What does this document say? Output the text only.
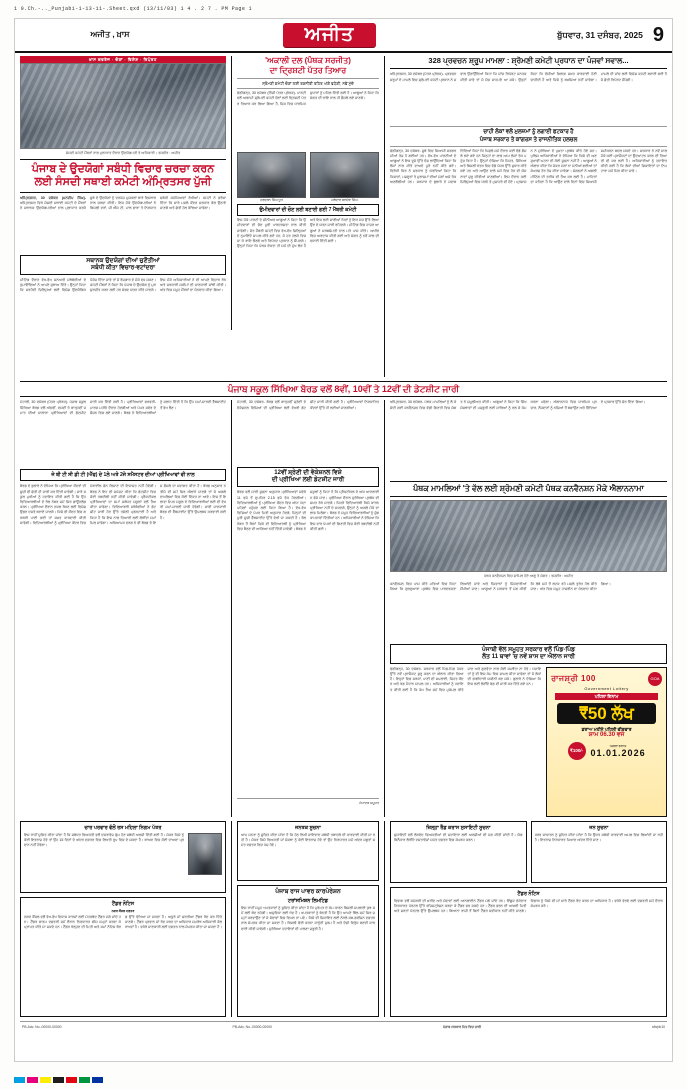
1 9.Ch.-.._Punjabi-1-13-11-.Sheet.qxd (13/11/03) 1 4 . 2 7 . PM Page 1
ਅਜੀਤ , ਖ਼ਾਸ	ਅਜੀਤ	ਬੁੱਧਵਾਰ, 31 ਦਸੰਬਰ, 2025 9
ਖ਼ਾਸ ਕਵਰੇਜ · ਚੋਣਾਂ · ਵਿਸ਼ੇਸ਼ · ਰਿਪੋਰਟ
ਸੰਸਦੀ ਕਮੇਟੀ ਮੈਂਬਰਾਂ ਨਾਲ ਮੁਲਾਕਾਤ ਦੌਰਾਨ ਉਦਯੋਗਪਤੀ ਤੇ ਅਧਿਕਾਰੀ। ਤਸਵੀਰ : ਅਜੀਤ
ਪੰਜਾਬ ਦੇ ਉਦਯੋਗਾਂ ਸਬੰਧੀ ਵਿਚਾਰ ਚਰਚਾ ਕਰਨ
ਲਈ ਸੰਸਦੀ ਸਥਾਈ ਕਮੇਟੀ ਅੰਮ੍ਰਿਤਸਰ ਪੁੱਜੀ
ਅੰਮ੍ਰਿਤਸਰ, 30 ਦਸੰਬਰ (ਮਨਦੀਪ ਸਿੰਘ)- ਅੰਮ੍ਰਿਤਸਰ ਵਿਖੇ ਸੰਸਦੀ ਸਥਾਈ ਕਮੇਟੀ ਦੇ ਮੈਂਬਰਾਂ ਨੇ ਸਥਾਨਕ ਉਦਯੋਗਪਤੀਆਂ ਨਾਲ ਮੁਲਾਕਾਤ ਕਰਕੇ ਸੂਬੇ ਦੇ ਉਦਯੋਗਾਂ ਨੂੰ ਦਰਪੇਸ਼ ਮੁਸ਼ਕਲਾਂ ਬਾਰੇ ਵਿਸਥਾਰ ਨਾਲ ਚਰਚਾ ਕੀਤੀ। ਇਸ ਮੌਕੇ ਉਦਯੋਗਪਤੀਆਂ ਨੇ ਬਿਜਲੀ ਦਰਾਂ, ਜੀ ਐੱਸ ਟੀ, ਮਾਲ ਭਾੜਾ ਤੇ ਨਿਰਯਾਤ ਸਬੰਧੀ ਸਮੱਸਿਆਵਾਂ ਰੱਖੀਆਂ। ਕਮੇਟੀ ਨੇ ਭਰੋਸਾ ਦਿੱਤਾ ਕਿ ਸਾਰੇ ਮਸਲੇ ਕੇਂਦਰ ਸਰਕਾਰ ਕੋਲ ਉਠਾਏ ਜਾਣਗੇ ਅਤੇ ਛੇਤੀ ਹੱਲ ਕੱਢਿਆ ਜਾਵੇਗਾ।
ਸਥਾਨਕ ਉਦਯੋਗਾਂ ਦੀਆਂ ਚੁਣੌਤੀਆਂ
ਸਬੰਧੀ ਕੀਤਾ ਵਿਚਾਰ-ਵਟਾਂਦਰਾ
ਮੀਟਿੰਗ ਦੌਰਾਨ ਵੱਖ-ਵੱਖ ਸਨਅਤੀ ਜਥੇਬੰਦੀਆਂ ਦੇ ਨੁਮਾਇੰਦਿਆਂ ਨੇ ਆਪਣੇ ਸੁਝਾਅ ਦਿੱਤੇ। ਉਨ੍ਹਾਂ ਕਿਹਾ ਕਿ ਸਰਹੱਦੀ ਜ਼ਿਲ੍ਹਿਆਂ ਲਈ ਵਿਸ਼ੇਸ਼ ਉਦਯੋਗਿਕ ਪੈਕੇਜ ਦਿੱਤਾ ਜਾਵੇ ਤਾਂ ਜੋ ਰੋਜ਼ਗਾਰ ਦੇ ਮੌਕੇ ਵਧ ਸਕਣ। ਕਮੇਟੀ ਮੈਂਬਰਾਂ ਨੇ ਕਿਹਾ ਕਿ ਪੰਜਾਬ ਦੇ ਉਦਯੋਗ ਨੂੰ ਮੁੜ ਸੁਰਜੀਤ ਕਰਨ ਲਈ ਹਰ ਸੰਭਵ ਯਤਨ ਕੀਤੇ ਜਾਣਗੇ। ਇਸ ਮੌਕੇ ਅਧਿਕਾਰੀਆਂ ਨੇ ਵੀ ਆਪਣੇ ਵਿਚਾਰ ਰੱਖੇ ਅਤੇ ਸਰਕਾਰੀ ਸਕੀਮਾਂ ਦੀ ਜਾਣਕਾਰੀ ਸਾਂਝੀ ਕੀਤੀ। ਅੰਤ ਵਿਚ ਸਮੂਹ ਮੈਂਬਰਾਂ ਦਾ ਧੰਨਵਾਦ ਕੀਤਾ ਗਿਆ।
'ਅਕਾਲੀ ਦਲ (ਪੰਥਕ ਸਰਜੀਤ)
ਦਾ ਦ੍ਰਿਸ਼ਟੀ ਪੱਤਰ ਤਿਆਰ
ਸ਼੍ਰੋਮਣੀ ਕਮੇਟੀ ਚੋਣਾਂ ਲਈ ਰਣਨੀਤੀ ਤਹਿਤ ਅੱਗੇ ਵਧੇਗੀ, ਨਵੇਂ ਮੁੱਦੇ
ਚੰਡੀਗੜ੍ਹ, 30 ਦਸੰਬਰ (ਨਿੱਜੀ ਪੱਤਰ ਪ੍ਰੇਰਕ)- ਪਾਰਟੀ ਵਲੋਂ ਆਗਾਮੀ ਸ਼੍ਰੋਮਣੀ ਕਮੇਟੀ ਚੋਣਾਂ ਲਈ ਦ੍ਰਿਸ਼ਟੀ ਪੱਤਰ ਤਿਆਰ ਕਰ ਲਿਆ ਗਿਆ ਹੈ, ਜਿਸ ਵਿਚ ਧਾਰਮਿਕ ਸੁਧਾਰਾਂ ਨੂੰ ਪਹਿਲ ਦਿੱਤੀ ਗਈ ਹੈ। ਆਗੂਆਂ ਨੇ ਕਿਹਾ ਕਿ ਸੰਗਤ ਦੀ ਰਾਇ ਨਾਲ ਹੀ ਫ਼ੈਸਲੇ ਲਏ ਜਾਣਗੇ।
ਹਰਚਰਨ ਸਿੰਘ ਧੂਤ	ਜਥੇਦਾਰ ਬਲਦੇਵ ਸਿੰਘ
ਉਮੀਦਵਾਰਾਂ ਦੀ ਚੋਣ ਲਈ ਬਣਾਈ ਗਈ 7 ਮੈਂਬਰੀ ਕਮੇਟੀ
ਇਸ ਮੌਕੇ ਪਾਰਟੀ ਦੇ ਸੀਨੀਅਰ ਆਗੂਆਂ ਨੇ ਕਿਹਾ ਕਿ ਉਮੀਦਵਾਰਾਂ ਦੀ ਚੋਣ ਪੂਰੀ ਪਾਰਦਰਸ਼ਤਾ ਨਾਲ ਕੀਤੀ ਜਾਵੇਗੀ। ਸੱਤ ਮੈਂਬਰੀ ਕਮੇਟੀ ਵਿਚ ਵੱਖ-ਵੱਖ ਜ਼ਿਲ੍ਹਿਆਂ ਦੇ ਨੁਮਾਇੰਦੇ ਸ਼ਾਮਲ ਕੀਤੇ ਗਏ ਹਨ, ਜੋ ਹਰ ਹਲਕੇ ਵਿਚ ਜਾ ਕੇ ਰਾਇ ਲੈਣਗੇ ਅਤੇ ਰਿਪੋਰਟ ਪ੍ਰਧਾਨ ਨੂੰ ਸੌਂਪਣਗੇ। ਉਨ੍ਹਾਂ ਕਿਹਾ ਕਿ ਪੰਥਕ ਏਕਤਾ ਹੀ ਸਮੇਂ ਦੀ ਮੁੱਖ ਲੋੜ ਹੈ ਅਤੇ ਇਸ ਲਈ ਸਾਰੀਆਂ ਧਿਰਾਂ ਨੂੰ ਇਕ ਮੰਚ ਉੱਤੇ ਲਿਆਉਣ ਦੇ ਯਤਨ ਜਾਰੀ ਰਹਿਣਗੇ। ਮੀਟਿੰਗ ਵਿਚ ਹਾਜ਼ਰ ਆਗੂਆਂ ਨੇ ਸਰਬਸੰਮਤੀ ਨਾਲ ਮਤੇ ਪਾਸ ਕੀਤੇ। ਅਖੀਰ ਵਿਚ ਅਰਦਾਸ ਕੀਤੀ ਗਈ ਅਤੇ ਸੰਗਤ ਨੂੰ ਨਵੇਂ ਸਾਲ ਦੀ ਵਧਾਈ ਦਿੱਤੀ ਗਈ।
328 ਪ੍ਰਵਚਨ ਸ਼੍ਰੂਪ ਮਾਮਲਾ : ਸ਼੍ਰੋਮਣੀ ਕਮੇਟੀ ਪ੍ਰਧਾਨ ਦਾ ਪੰਜਵਾਂ ਸਵਾਲ...
ਅੰਮ੍ਰਿਤਸਰ, 30 ਦਸੰਬਰ (ਪੱਤਰ ਪ੍ਰੇਰਕ)- ਪ੍ਰਵਚਨ ਸਰੂਪਾਂ ਦੇ ਮਾਮਲੇ ਵਿਚ ਸ਼੍ਰੋਮਣੀ ਕਮੇਟੀ ਪ੍ਰਧਾਨ ਨੇ ਸਵਾਲ ਉਠਾਉਂਦਿਆਂ ਕਿਹਾ ਕਿ ਜਾਂਚ ਰਿਪੋਰਟ ਜਨਤਕ ਕੀਤੀ ਜਾਵੇ ਤਾਂ ਜੋ ਸੱਚ ਸਾਹਮਣੇ ਆ ਸਕੇ। ਉਨ੍ਹਾਂ ਕਿਹਾ ਕਿ ਦੋਸ਼ੀਆਂ ਖ਼ਿਲਾਫ਼ ਸਖ਼ਤ ਕਾਰਵਾਈ ਹੋਣੀ ਚਾਹੀਦੀ ਹੈ ਅਤੇ ਕਿਸੇ ਨੂੰ ਬਖ਼ਸ਼ਿਆ ਨਹੀਂ ਜਾਵੇਗਾ। ਮਾਮਲੇ ਦੀ ਜਾਂਚ ਲਈ ਵਿਸ਼ੇਸ਼ ਕਮੇਟੀ ਬਣਾਈ ਗਈ ਹੈ ਜੋ ਛੇਤੀ ਰਿਪੋਰਟ ਸੌਂਪੇਗੀ।
ਚਾਹੀ ਲੋਕਾਂ ਵਲੋਂ ਮੁਲਜ਼ਮਾਂ ਨੂੰ ਲਗਾਈ ਫਟਕਾਰ ਹੈ
ਪੰਜਾਬ ਸਰਕਾਰ ਤੇ ਕਾਂਗਰਸ ਤੇ ਰਾਜਨੀਤਿਕ ਹਲਚਲ
ਚੰਡੀਗੜ੍ਹ, 30 ਦਸੰਬਰ- ਸੂਬੇ ਵਿਚ ਸਿਆਸੀ ਸਰਗਰਮੀਆਂ ਤੇਜ਼ ਹੋ ਗਈਆਂ ਹਨ। ਵੱਖ-ਵੱਖ ਪਾਰਟੀਆਂ ਦੇ ਆਗੂਆਂ ਨੇ ਇਕ ਦੂਜੇ ਉੱਤੇ ਦੋਸ਼ ਲਾਉਂਦਿਆਂ ਕਿਹਾ ਕਿ ਲੋਕਾਂ ਨਾਲ ਕੀਤੇ ਵਾਅਦੇ ਪੂਰੇ ਨਹੀਂ ਕੀਤੇ ਗਏ। ਵਿਰੋਧੀ ਧਿਰ ਨੇ ਸਰਕਾਰ ਨੂੰ ਘੇਰਦਿਆਂ ਕਿਹਾ ਕਿ ਕਿਸਾਨਾਂ, ਮਜ਼ਦੂਰਾਂ ਤੇ ਮੁਲਾਜ਼ਮਾਂ ਦੀਆਂ ਮੰਗਾਂ ਅਜੇ ਤੱਕ ਅਣਗੌਲੀਆਂ ਹਨ। ਸਰਕਾਰ ਦੇ ਬੁਲਾਰੇ ਨੇ ਜਵਾਬ ਦਿੰਦਿਆਂ ਕਿਹਾ ਕਿ ਪਿਛਲੇ ਸਮੇਂ ਦੌਰਾਨ ਕਈ ਵੱਡੇ ਫ਼ੈਸਲੇ ਲਏ ਗਏ ਹਨ ਜਿਨ੍ਹਾਂ ਦਾ ਲਾਭ ਆਮ ਲੋਕਾਂ ਤੱਕ ਪਹੁੰਚ ਰਿਹਾ ਹੈ। ਉਨ੍ਹਾਂ ਦੱਸਿਆ ਕਿ ਸਿਹਤ, ਸਿੱਖਿਆ ਅਤੇ ਬਿਜਲੀ ਖੇਤਰ ਵਿਚ ਵੱਡੇ ਪੱਧਰ ਉੱਤੇ ਸੁਧਾਰ ਕੀਤੇ ਗਏ ਹਨ ਅਤੇ ਆਉਣ ਵਾਲੇ ਸਮੇਂ ਵਿਚ ਹੋਰ ਵੀ ਯੋਜਨਾਵਾਂ ਸ਼ੁਰੂ ਕੀਤੀਆਂ ਜਾਣਗੀਆਂ। ਇਸ ਦੌਰਾਨ ਕਈ ਜ਼ਿਲ੍ਹਿਆਂ ਵਿਚ ਧਰਨੇ ਤੇ ਮੁਜ਼ਾਹਰੇ ਵੀ ਹੋਏ। ਪ੍ਰਸ਼ਾਸਨ ਨੇ ਸੁਰੱਖਿਆ ਦੇ ਪੁਖ਼ਤਾ ਪ੍ਰਬੰਧ ਕੀਤੇ ਹੋਏ ਸਨ। ਪੁਲਿਸ ਅਧਿਕਾਰੀਆਂ ਨੇ ਦੱਸਿਆ ਕਿ ਕਿਸੇ ਵੀ ਅਣਸੁਖਾਵੀਂ ਘਟਨਾ ਦੀ ਕੋਈ ਸੂਚਨਾ ਨਹੀਂ ਹੈ। ਆਗੂਆਂ ਨੇ ਐਲਾਨ ਕੀਤਾ ਕਿ ਜੇਕਰ ਮੰਗਾਂ ਨਾ ਮੰਨੀਆਂ ਗਈਆਂ ਤਾਂ ਸੰਘਰਸ਼ ਹੋਰ ਤੇਜ਼ ਕੀਤਾ ਜਾਵੇਗਾ। ਸੰਗਠਨਾਂ ਨੇ ਅਗਲੀ ਮੀਟਿੰਗ ਦੀ ਤਰੀਕ ਵੀ ਤੈਅ ਕਰ ਲਈ ਹੈ। ਮਾਹਿਰਾਂ ਦਾ ਕਹਿਣਾ ਹੈ ਕਿ ਆਉਣ ਵਾਲੇ ਦਿਨਾਂ ਵਿਚ ਸਿਆਸੀ ਸਮੀਕਰਨ ਬਦਲ ਸਕਦੇ ਹਨ। ਸਰਕਾਰ ਨੇ ਨਵੇਂ ਸਾਲ ਮੌਕੇ ਕਈ ਪ੍ਰਾਜੈਕਟਾਂ ਦਾ ਉਦਘਾਟਨ ਕਰਨ ਦੀ ਤਿਆਰੀ ਵੀ ਕਰ ਲਈ ਹੈ। ਅਧਿਕਾਰੀਆਂ ਨੂੰ ਹਦਾਇਤ ਕੀਤੀ ਗਈ ਹੈ ਕਿ ਲੋਕਾਂ ਦੀਆਂ ਸ਼ਿਕਾਇਤਾਂ ਦਾ ਨਿਪਟਾਰਾ ਸਮੇਂ ਸਿਰ ਕੀਤਾ ਜਾਵੇ।
ਪੰਜਾਬ ਸਕੂਲ ਸਿੱਖਿਆ ਬੋਰਡ ਵਲੋਂ 8ਵੀਂ, 10ਵੀਂ ਤੇ 12ਵੀਂ ਦੀ ਡੇਟਸ਼ੀਟ ਜਾਰੀ
ਮੋਹਾਲੀ, 30 ਦਸੰਬਰ (ਪੱਤਰ ਪ੍ਰੇਰਕ)- ਪੰਜਾਬ ਸਕੂਲ ਸਿੱਖਿਆ ਬੋਰਡ ਵਲੋਂ ਅੱਠਵੀਂ, ਦਸਵੀਂ ਤੇ ਬਾਰ੍ਹਵੀਂ ਜਮਾਤ ਦੀਆਂ ਸਾਲਾਨਾ ਪ੍ਰੀਖਿਆਵਾਂ ਦੀ ਡੇਟਸ਼ੀਟ ਜਾਰੀ ਕਰ ਦਿੱਤੀ ਗਈ ਹੈ। ਪ੍ਰੀਖਿਆਵਾਂ ਫਰਵਰੀ-ਮਾਰਚ ਮਹੀਨੇ ਦੌਰਾਨ ਹੋਣਗੀਆਂ ਅਤੇ ਪੇਪਰ ਸਵੇਰ ਦੇ ਸੈਸ਼ਨ ਵਿਚ ਲਏ ਜਾਣਗੇ। ਬੋਰਡ ਨੇ ਵਿਦਿਆਰਥੀਆਂ ਨੂੰ ਸਲਾਹ ਦਿੱਤੀ ਹੈ ਕਿ ਉਹ ਸਮਾਂ-ਸਾਰਣੀ ਵੈੱਬਸਾਈਟ ਤੋਂ ਵੇਖ ਲੈਣ।
ਜੇ ਬੀ ਟੀ ਸੀ ਡੀ ਟੀ (ਐੱਫ) ਦੇ 1ਲੇ ਅਤੇ 2ਜੇ ਸਮੈਸਟਰ ਦੀਆਂ ਪ੍ਰੀਖਿਆਵਾਂ ਵੀ ਨਾਲ
ਬੋਰਡ ਦੇ ਬੁਲਾਰੇ ਨੇ ਦੱਸਿਆ ਕਿ ਪ੍ਰੀਖਿਆ ਕੇਂਦਰਾਂ ਦੀ ਸੂਚੀ ਵੀ ਛੇਤੀ ਹੀ ਜਾਰੀ ਕਰ ਦਿੱਤੀ ਜਾਵੇਗੀ। ਸਾਰੇ ਸਕੂਲ ਮੁਖੀਆਂ ਨੂੰ ਹਦਾਇਤ ਕੀਤੀ ਗਈ ਹੈ ਕਿ ਉਹ ਵਿਦਿਆਰਥੀਆਂ ਦੇ ਰੋਲ ਨੰਬਰ ਸਮੇਂ ਸਿਰ ਡਾਊਨਲੋਡ ਕਰਨ। ਪ੍ਰੀਖਿਆ ਦੌਰਾਨ ਨਕਲ ਰੋਕਣ ਲਈ ਵਿਸ਼ੇਸ਼ ਉਡਣ ਦਸਤੇ ਬਣਾਏ ਜਾਣਗੇ। ਕਿਸੇ ਵੀ ਕੇਂਦਰ ਵਿਚ ਗੜਬੜੀ ਪਾਈ ਗਈ ਤਾਂ ਸਖ਼ਤ ਕਾਰਵਾਈ ਕੀਤੀ ਜਾਵੇਗੀ। ਵਿਦਿਆਰਥੀਆਂ ਨੂੰ ਪ੍ਰੀਖਿਆ ਕੇਂਦਰ ਵਿਚ ਮੋਬਾਈਲ ਫ਼ੋਨ ਲਿਜਾਣ ਦੀ ਇਜਾਜ਼ਤ ਨਹੀਂ ਹੋਵੇਗੀ। ਬੋਰਡ ਨੇ ਇਹ ਵੀ ਸਪੱਸ਼ਟ ਕੀਤਾ ਕਿ ਡੇਟਸ਼ੀਟ ਵਿਚ ਕੋਈ ਤਬਦੀਲੀ ਨਹੀਂ ਕੀਤੀ ਜਾਵੇਗੀ। ਪ੍ਰੈਕਟੀਕਲ ਪ੍ਰੀਖਿਆਵਾਂ ਦਾ ਸਮਾਂ ਸਬੰਧਤ ਸਕੂਲਾਂ ਵਲੋਂ ਤੈਅ ਕੀਤਾ ਜਾਵੇਗਾ। ਵਿਦਿਆਰਥੀ ਜਥੇਬੰਦੀਆਂ ਨੇ ਡੇਟਸ਼ੀਟ ਜਾਰੀ ਹੋਣ ਉੱਤੇ ਤਸੱਲੀ ਪ੍ਰਗਟਾਈ ਹੈ ਅਤੇ ਕਿਹਾ ਹੈ ਕਿ ਇਸ ਨਾਲ ਤਿਆਰੀ ਲਈ ਲੋੜੀਂਦਾ ਸਮਾਂ ਮਿਲ ਜਾਵੇਗਾ। ਅਧਿਆਪਕ ਵਰਗ ਨੇ ਵੀ ਬੋਰਡ ਦੇ ਇਸ ਫ਼ੈਸਲੇ ਦਾ ਸਵਾਗਤ ਕੀਤਾ ਹੈ। ਬੋਰਡ ਅਨੁਸਾਰ ਨਤੀਜੇ ਵੀ ਸਮੇਂ ਸਿਰ ਐਲਾਨੇ ਜਾਣਗੇ ਤਾਂ ਜੋ ਅਗਲੇ ਦਾਖ਼ਲਿਆਂ ਵਿਚ ਕੋਈ ਦਿੱਕਤ ਨਾ ਆਵੇ। ਇਸ ਤੋਂ ਇਲਾਵਾ ਓਪਨ ਸਕੂਲ ਦੇ ਵਿਦਿਆਰਥੀਆਂ ਲਈ ਵੀ ਵੱਖਰੀ ਸਮਾਂ-ਸਾਰਣੀ ਜਾਰੀ ਹੋਵੇਗੀ। ਸਾਰੀ ਜਾਣਕਾਰੀ ਬੋਰਡ ਦੀ ਵੈੱਬਸਾਈਟ ਉੱਤੇ ਉਪਲਬਧ ਕਰਵਾਈ ਗਈ ਹੈ।
ਮੋਹਾਲੀ, 30 ਦਸੰਬਰ- ਬੋਰਡ ਵਲੋਂ ਬਾਰ੍ਹਵੀਂ ਸ਼੍ਰੇਣੀ ਦੇ ਵੋਕੇਸ਼ਨਲ ਵਿਸ਼ਿਆਂ ਦੀ ਪ੍ਰੀਖਿਆ ਲਈ ਵੱਖਰੀ ਡੇਟਸ਼ੀਟ ਜਾਰੀ ਕੀਤੀ ਗਈ ਹੈ। ਪ੍ਰੀਖਿਆਵਾਂ ਨਿਰਧਾਰਿਤ ਕੇਂਦਰਾਂ ਉੱਤੇ ਹੀ ਲਈਆਂ ਜਾਣਗੀਆਂ।
12ਵੀਂ ਸ਼੍ਰੇਣੀ ਦੀ ਵੋਕੇਸ਼ਨਲ ਵਿਸ਼ੇ
ਦੀ ਪ੍ਰੀਖਿਆ ਲਈ ਡੇਟਸ਼ੀਟ ਜਾਰੀ
ਬੋਰਡ ਵਲੋਂ ਜਾਰੀ ਸੂਚਨਾ ਅਨੁਸਾਰ ਪ੍ਰੀਖਿਆਵਾਂ ਸਵੇਰੇ 11 ਵਜੇ ਤੋਂ ਦੁਪਹਿਰ 2.15 ਵਜੇ ਤੱਕ ਹੋਣਗੀਆਂ। ਵਿਦਿਆਰਥੀਆਂ ਨੂੰ ਪ੍ਰੀਖਿਆ ਕੇਂਦਰ ਵਿਚ ਅੱਧਾ ਘੰਟਾ ਪਹਿਲਾਂ ਪਹੁੰਚਣ ਲਈ ਕਿਹਾ ਗਿਆ ਹੈ। ਵੱਖ-ਵੱਖ ਵਿਸ਼ਿਆਂ ਦੇ ਪੇਪਰ ਮਿਤੀ ਅਨੁਸਾਰ ਹੋਣਗੇ, ਜਿਨ੍ਹਾਂ ਦੀ ਪੂਰੀ ਸੂਚੀ ਵੈੱਬਸਾਈਟ ਉੱਤੇ ਵੇਖੀ ਜਾ ਸਕਦੀ ਹੈ। ਰੋਲ ਨੰਬਰ ਤੋਂ ਬਿਨਾਂ ਕਿਸੇ ਵੀ ਵਿਦਿਆਰਥੀ ਨੂੰ ਪ੍ਰੀਖਿਆ ਵਿਚ ਬੈਠਣ ਦੀ ਆਗਿਆ ਨਹੀਂ ਦਿੱਤੀ ਜਾਵੇਗੀ। ਬੋਰਡ ਨੇ ਸਕੂਲਾਂ ਨੂੰ ਕਿਹਾ ਹੈ ਕਿ ਪ੍ਰੈਕਟੀਕਲ ਦੇ ਅੰਕ ਆਨਲਾਈਨ ਭੇਜੇ ਜਾਣ। ਪ੍ਰੀਖਿਆ ਦੌਰਾਨ ਸੁਰੱਖਿਆ ਪ੍ਰਬੰਧ ਵੀ ਸਖ਼ਤ ਰੱਖੇ ਜਾਣਗੇ। ਜਿਹੜੇ ਵਿਦਿਆਰਥੀ ਕਿਸੇ ਕਾਰਨ ਪ੍ਰੀਖਿਆ ਨਹੀਂ ਦੇ ਸਕਣਗੇ, ਉਨ੍ਹਾਂ ਨੂੰ ਅਗਲੇ ਮੌਕੇ ਦਾ ਲਾਭ ਮਿਲੇਗਾ। ਬੋਰਡ ਨੇ ਸਮੂਹ ਵਿਦਿਆਰਥੀਆਂ ਨੂੰ ਸ਼ੁੱਭ ਕਾਮਨਾਵਾਂ ਦਿੱਤੀਆਂ ਹਨ। ਅਧਿਕਾਰੀਆਂ ਨੇ ਦੱਸਿਆ ਕਿ ਇਸ ਵਾਰ ਪੇਪਰਾਂ ਦੀ ਗਿਣਤੀ ਵਿਚ ਕੋਈ ਤਬਦੀਲੀ ਨਹੀਂ ਕੀਤੀ ਗਈ।
ਸੰਪਾਦਕ ਸ਼ਮੂਹਤ
ਅੰਮ੍ਰਿਤਸਰ, 30 ਦਸੰਬਰ- ਪੰਥਕ ਮਾਮਲਿਆਂ ਨੂੰ ਲੈ ਕੇ ਸੱਦੀ ਗਈ ਕਨਵੈਨਸ਼ਨ ਵਿਚ ਵੱਡੀ ਗਿਣਤੀ ਵਿਚ ਸੰਗਤ ਨੇ ਸ਼ਮੂਲੀਅਤ ਕੀਤੀ। ਆਗੂਆਂ ਨੇ ਕਿਹਾ ਕਿ ਸਿੱਖ ਸੰਸਥਾਵਾਂ ਦੀ ਮਜ਼ਬੂਤੀ ਲਈ ਸਾਰਿਆਂ ਨੂੰ ਰਲ ਕੇ ਕੰਮ ਕਰਨਾ ਪਵੇਗਾ। ਐਲਾਨਨਾਮੇ ਵਿਚ ਧਾਰਮਿਕ ਪ੍ਰਚਾਰ, ਨੌਜਵਾਨਾਂ ਨੂੰ ਨਸ਼ਿਆਂ ਤੋਂ ਬਚਾਉਣ ਅਤੇ ਵਿੱਦਿਆ ਦੇ ਪ੍ਰਸਾਰ ਉੱਤੇ ਜ਼ੋਰ ਦਿੱਤਾ ਗਿਆ।
ਪੰਥਕ ਮਾਮਲਿਆਂ 'ਤੇ ਵੱਲ ਲਈ ਸ਼੍ਰੋਮਣੀ ਕਮੇਟੀ ਪੰਥਕ ਕਨਵੈਨਸ਼ਨ ਮੌਕੇ ਐਲਾਨਨਾਮਾ
ਪੰਥਕ ਕਨਵੈਨਸ਼ਨ ਵਿਚ ਸ਼ਾਮਿਲ ਹੋਏ ਆਗੂ ਤੇ ਸੰਗਤ। ਤਸਵੀਰ : ਅਜੀਤ
ਕਨਵੈਨਸ਼ਨ ਵਿਚ ਪਾਸ ਕੀਤੇ ਮਤਿਆਂ ਵਿਚ ਕਿਹਾ ਗਿਆ ਕਿ ਗੁਰਦੁਆਰਾ ਪ੍ਰਬੰਧ ਵਿਚ ਪਾਰਦਰਸ਼ਤਾ ਲਿਆਂਦੀ ਜਾਵੇ ਅਤੇ ਨੌਜਵਾਨਾਂ ਨੂੰ ਜ਼ਿੰਮੇਵਾਰੀਆਂ ਸੌਂਪੀਆਂ ਜਾਣ। ਆਗੂਆਂ ਨੇ ਸਰਕਾਰ ਤੋਂ ਮੰਗ ਕੀਤੀ ਕਿ ਲੰਬੇ ਸਮੇਂ ਤੋਂ ਲਟਕ ਰਹੇ ਮਸਲੇ ਤੁਰੰਤ ਹੱਲ ਕੀਤੇ ਜਾਣ। ਅੰਤ ਵਿਚ ਸਮੂਹ ਹਾਜ਼ਰੀਨ ਦਾ ਧੰਨਵਾਦ ਕੀਤਾ ਗਿਆ।
ਪੰਜਾਬੀ ਵੱਲ ਸਮੂਹਤ ਸਰਕਾਰ ਵਲੋਂ ਪਿੰਡ-ਪਿੰਡ
ਲੋਤ 11 ਥਾਵਾਂ 'ਚ ਨਵੇਂ ਸ਼ਾਸ ਦਾ ਐਲਾਨ ਜਾਰੀ
ਚੰਡੀਗੜ੍ਹ, 30 ਦਸੰਬਰ- ਸਰਕਾਰ ਵਲੋਂ ਪਿੰਡ-ਪਿੰਡ ਪੱਧਰ ਉੱਤੇ ਨਵੇਂ ਪ੍ਰਾਜੈਕਟ ਸ਼ੁਰੂ ਕਰਨ ਦਾ ਐਲਾਨ ਕੀਤਾ ਗਿਆ ਹੈ। ਇਨ੍ਹਾਂ ਵਿਚ ਸੜਕਾਂ, ਪਾਣੀ ਦੀ ਸਪਲਾਈ, ਸਿਹਤ ਕੇਂਦਰ ਅਤੇ ਖੇਡ ਮੈਦਾਨ ਸ਼ਾਮਲ ਹਨ। ਅਧਿਕਾਰੀਆਂ ਨੂੰ ਹਦਾਇਤ ਕੀਤੀ ਗਈ ਹੈ ਕਿ ਕੰਮ ਤੈਅ ਸਮੇਂ ਵਿਚ ਮੁਕੰਮਲ ਕੀਤੇ ਜਾਣ ਅਤੇ ਗੁਣਵੱਤਾ ਨਾਲ ਕੋਈ ਸਮਝੌਤਾ ਨਾ ਹੋਵੇ। ਪੰਚਾਇਤਾਂ ਨੂੰ ਵੀ ਇਸ ਕੰਮ ਵਿਚ ਸ਼ਾਮਲ ਕੀਤਾ ਜਾਵੇਗਾ ਤਾਂ ਜੋ ਲੋਕਾਂ ਦੀ ਭਾਗੀਦਾਰੀ ਯਕੀਨੀ ਬਣ ਸਕੇ। ਬੁਲਾਰੇ ਨੇ ਦੱਸਿਆ ਕਿ ਇਸ ਲਈ ਲੋੜੀਂਦੇ ਫੰਡ ਵੀ ਜਾਰੀ ਕਰ ਦਿੱਤੇ ਗਏ ਹਨ।
ਰਾਜਸ਼੍ਰੀ 100	GOA
Government Lottery
ਪਹਿਲਾ ਇਨਾਮ
₹50 ਲੱਖ
ਡਰਾਅ ਮਹੀਨੇ ਪਹਿਲੀ ਵੀਰਵਾਰ
ਸ਼ਾਮ 06.30 ਵਜੇ
₹100/-
ਅਗਲਾ ਡਰਾਅ
01.01.2026
ਚਾਰ ਪਰਵਾਰ ਵੱਲੋਂ ਰਸ ਮਹਿਲਾ ਨਿਗਮ ਪੱਤਰ
ਇਸ ਰਾਹੀਂ ਸੂਚਿਤ ਕੀਤਾ ਜਾਂਦਾ ਹੈ ਕਿ ਸਬੰਧਤ ਵਿਅਕਤੀ ਵਲੋਂ ਦਸਤਾਵੇਜ਼ ਗੁੰਮ ਹੋਣ ਸਬੰਧੀ ਅਰਜ਼ੀ ਦਿੱਤੀ ਗਈ ਹੈ। ਜੇਕਰ ਕਿਸੇ ਨੂੰ ਕੋਈ ਇਤਰਾਜ਼ ਹੋਵੇ ਤਾਂ ਉਹ 15 ਦਿਨਾਂ ਦੇ ਅੰਦਰ ਦਫ਼ਤਰ ਵਿਚ ਲਿਖਤੀ ਰੂਪ ਵਿਚ ਦੇ ਸਕਦਾ ਹੈ। ਬਾਅਦ ਵਿਚ ਕੋਈ ਦਾਅਵਾ ਪ੍ਰਵਾਨ ਨਹੀਂ ਹੋਵੇਗਾ।
ਟੈਂਡਰ ਨੋਟਿਸ
ਨਗਰ ਕੌਂਸਲ ਦਫ਼ਤਰ
ਨਗਰ ਕੌਂਸਲ ਵਲੋਂ ਵੱਖ-ਵੱਖ ਵਿਕਾਸ ਕਾਰਜਾਂ ਲਈ ਮੋਹਰਬੰਦ ਟੈਂਡਰ ਮੰਗੇ ਜਾਂਦੇ ਹਨ। ਟੈਂਡਰ ਫਾਰਮ ਦਫ਼ਤਰੀ ਸਮੇਂ ਦੌਰਾਨ ਨਿਰਧਾਰਤ ਫੀਸ ਜਮ੍ਹਾਂ ਕਰਵਾ ਕੇ ਪ੍ਰਾਪਤ ਕੀਤੇ ਜਾ ਸਕਦੇ ਹਨ। ਟੈਂਡਰ ਖੋਲ੍ਹਣ ਦੀ ਮਿਤੀ ਅਤੇ ਸਮਾਂ ਨੋਟਿਸ ਬੋਰਡ ਉੱਤੇ ਵੇਖਿਆ ਜਾ ਸਕਦਾ ਹੈ। ਅਧੂਰੇ ਜਾਂ ਸ਼ਰਤੀਆ ਟੈਂਡਰ ਰੱਦ ਕਰ ਦਿੱਤੇ ਜਾਣਗੇ। ਟੈਂਡਰ ਪ੍ਰਵਾਨ ਜਾਂ ਰੱਦ ਕਰਨ ਦਾ ਅਧਿਕਾਰ ਸਮਰੱਥ ਅਧਿਕਾਰੀ ਕੋਲ ਰਾਖਵਾਂ ਹੈ। ਵਧੇਰੇ ਜਾਣਕਾਰੀ ਲਈ ਦਫ਼ਤਰ ਨਾਲ ਸੰਪਰਕ ਕੀਤਾ ਜਾ ਸਕਦਾ ਹੈ।
ਜਨਤਕ ਸੂਚਨਾ
ਆਮ ਜਨਤਾ ਨੂੰ ਸੂਚਿਤ ਕੀਤਾ ਜਾਂਦਾ ਹੈ ਕਿ ਹੇਠ ਲਿਖੀ ਜਾਇਦਾਦ ਸਬੰਧੀ ਤਬਾਦਲੇ ਦੀ ਕਾਰਵਾਈ ਕੀਤੀ ਜਾ ਰਹੀ ਹੈ। ਜੇਕਰ ਕਿਸੇ ਵਿਅਕਤੀ ਜਾਂ ਸੰਸਥਾ ਨੂੰ ਕੋਈ ਇਤਰਾਜ਼ ਹੋਵੇ ਤਾਂ ਉਹ ਨਿਰਧਾਰਤ ਸਮੇਂ ਅੰਦਰ ਸਬੂਤਾਂ ਸਮੇਤ ਦਫ਼ਤਰ ਵਿਚ ਪੇਸ਼ ਹੋਵੇ।
ਪੰਜਾਬ ਰਾਜ ਪਾਵਰ ਕਾਰਪੋਰੇਸ਼ਨ
ਟਰਾਂਸਮਿਸ਼ਨ ਲਿਮਟਿਡ
ਇਸ ਰਾਹੀਂ ਸਮੂਹ ਖਪਤਕਾਰਾਂ ਨੂੰ ਸੂਚਿਤ ਕੀਤਾ ਜਾਂਦਾ ਹੈ ਕਿ ਮੁਰੰਮਤ ਦੇ ਕੰਮ ਕਾਰਨ ਬਿਜਲੀ ਸਪਲਾਈ ਕੁਝ ਸਮੇਂ ਲਈ ਬੰਦ ਰਹੇਗੀ। ਅਸੁਵਿਧਾ ਲਈ ਖੇਦ ਹੈ। ਖਪਤਕਾਰਾਂ ਨੂੰ ਬੇਨਤੀ ਹੈ ਕਿ ਉਹ ਆਪਣੇ ਬਿੱਲ ਸਮੇਂ ਸਿਰ ਜਮ੍ਹਾਂ ਕਰਵਾਉਣ ਤਾਂ ਜੋ ਸੇਵਾਵਾਂ ਵਿਚ ਵਿਘਨ ਨਾ ਪਵੇ। ਕਿਸੇ ਵੀ ਸ਼ਿਕਾਇਤ ਲਈ ਨੇੜਲੇ ਸਬ-ਡਵੀਜ਼ਨ ਦਫ਼ਤਰ ਨਾਲ ਸੰਪਰਕ ਕੀਤਾ ਜਾ ਸਕਦਾ ਹੈ। ਬਿਜਲੀ ਚੋਰੀ ਕਰਨਾ ਕਾਨੂੰਨੀ ਜੁਰਮ ਹੈ ਅਤੇ ਦੋਸ਼ੀ ਵਿਰੁੱਧ ਬਣਦੀ ਕਾਰਵਾਈ ਕੀਤੀ ਜਾਵੇਗੀ। ਸੁਰੱਖਿਆ ਹਦਾਇਤਾਂ ਦੀ ਪਾਲਣਾ ਜ਼ਰੂਰੀ ਹੈ।
ਜ਼ਿਲ੍ਹਾ ਰੈੱਡ ਕਰਾਸ ਸੁਸਾਇਟੀ ਸੂਚਨਾ
ਸੁਸਾਇਟੀ ਵਲੋਂ ਲੋੜਵੰਦ ਵਿਅਕਤੀਆਂ ਦੀ ਸਹਾਇਤਾ ਲਈ ਅਰਜ਼ੀਆਂ ਦੀ ਮੰਗ ਕੀਤੀ ਜਾਂਦੀ ਹੈ। ਯੋਗ ਬਿਨੈਕਾਰ ਲੋੜੀਂਦੇ ਦਸਤਾਵੇਜ਼ਾਂ ਸਮੇਤ ਦਫ਼ਤਰ ਵਿਚ ਸੰਪਰਕ ਕਰਨ।
ਜਨ ਸੂਚਨਾ
ਸਰਵ ਸਾਧਾਰਨ ਨੂੰ ਸੂਚਿਤ ਕੀਤਾ ਜਾਂਦਾ ਹੈ ਕਿ ਉਕਤ ਸਬੰਧੀ ਕਾਰਵਾਈ ਅਮਲ ਵਿਚ ਲਿਆਂਦੀ ਜਾ ਰਹੀ ਹੈ। ਇਤਰਾਜ਼ ਨਿਰਧਾਰਤ ਮਿਆਦ ਅੰਦਰ ਦਿੱਤੇ ਜਾਣ।
ਟੈਂਡਰ ਨੋਟਿਸ
ਵਿਭਾਗ ਵਲੋਂ ਸਮੱਗਰੀ ਦੀ ਖ਼ਰੀਦ ਅਤੇ ਸੇਵਾਵਾਂ ਲਈ ਆਨਲਾਈਨ ਟੈਂਡਰ ਮੰਗੇ ਜਾਂਦੇ ਹਨ। ਇੱਛੁਕ ਠੇਕੇਦਾਰ ਨਿਰਧਾਰਤ ਪੋਰਟਲ ਉੱਤੇ ਰਜਿਸਟ੍ਰੇਸ਼ਨ ਕਰਵਾ ਕੇ ਟੈਂਡਰ ਭਰ ਸਕਦੇ ਹਨ। ਟੈਂਡਰ ਭਰਨ ਦੀ ਆਖ਼ਰੀ ਮਿਤੀ ਅਤੇ ਸ਼ਰਤਾਂ ਪੋਰਟਲ ਉੱਤੇ ਉਪਲਬਧ ਹਨ। ਬਿਆਨਾ ਰਾਸ਼ੀ ਤੋਂ ਬਿਨਾਂ ਟੈਂਡਰ ਸਵੀਕਾਰ ਨਹੀਂ ਕੀਤੇ ਜਾਣਗੇ। ਵਿਭਾਗ ਨੂੰ ਕਿਸੇ ਵੀ ਜਾਂ ਸਾਰੇ ਟੈਂਡਰ ਰੱਦ ਕਰਨ ਦਾ ਅਧਿਕਾਰ ਹੈ। ਵਧੇਰੇ ਵੇਰਵੇ ਲਈ ਦਫ਼ਤਰੀ ਸਮੇਂ ਦੌਰਾਨ ਸੰਪਰਕ ਕਰੋ।
PB-Adv. No.-00000-00000	PB-Adv. No.-00000-00000	ਪੰਜਾਬ ਸਰਕਾਰ ਹਿਤ ਵਿਚ ਜਾਰੀ	sfb/pb10
